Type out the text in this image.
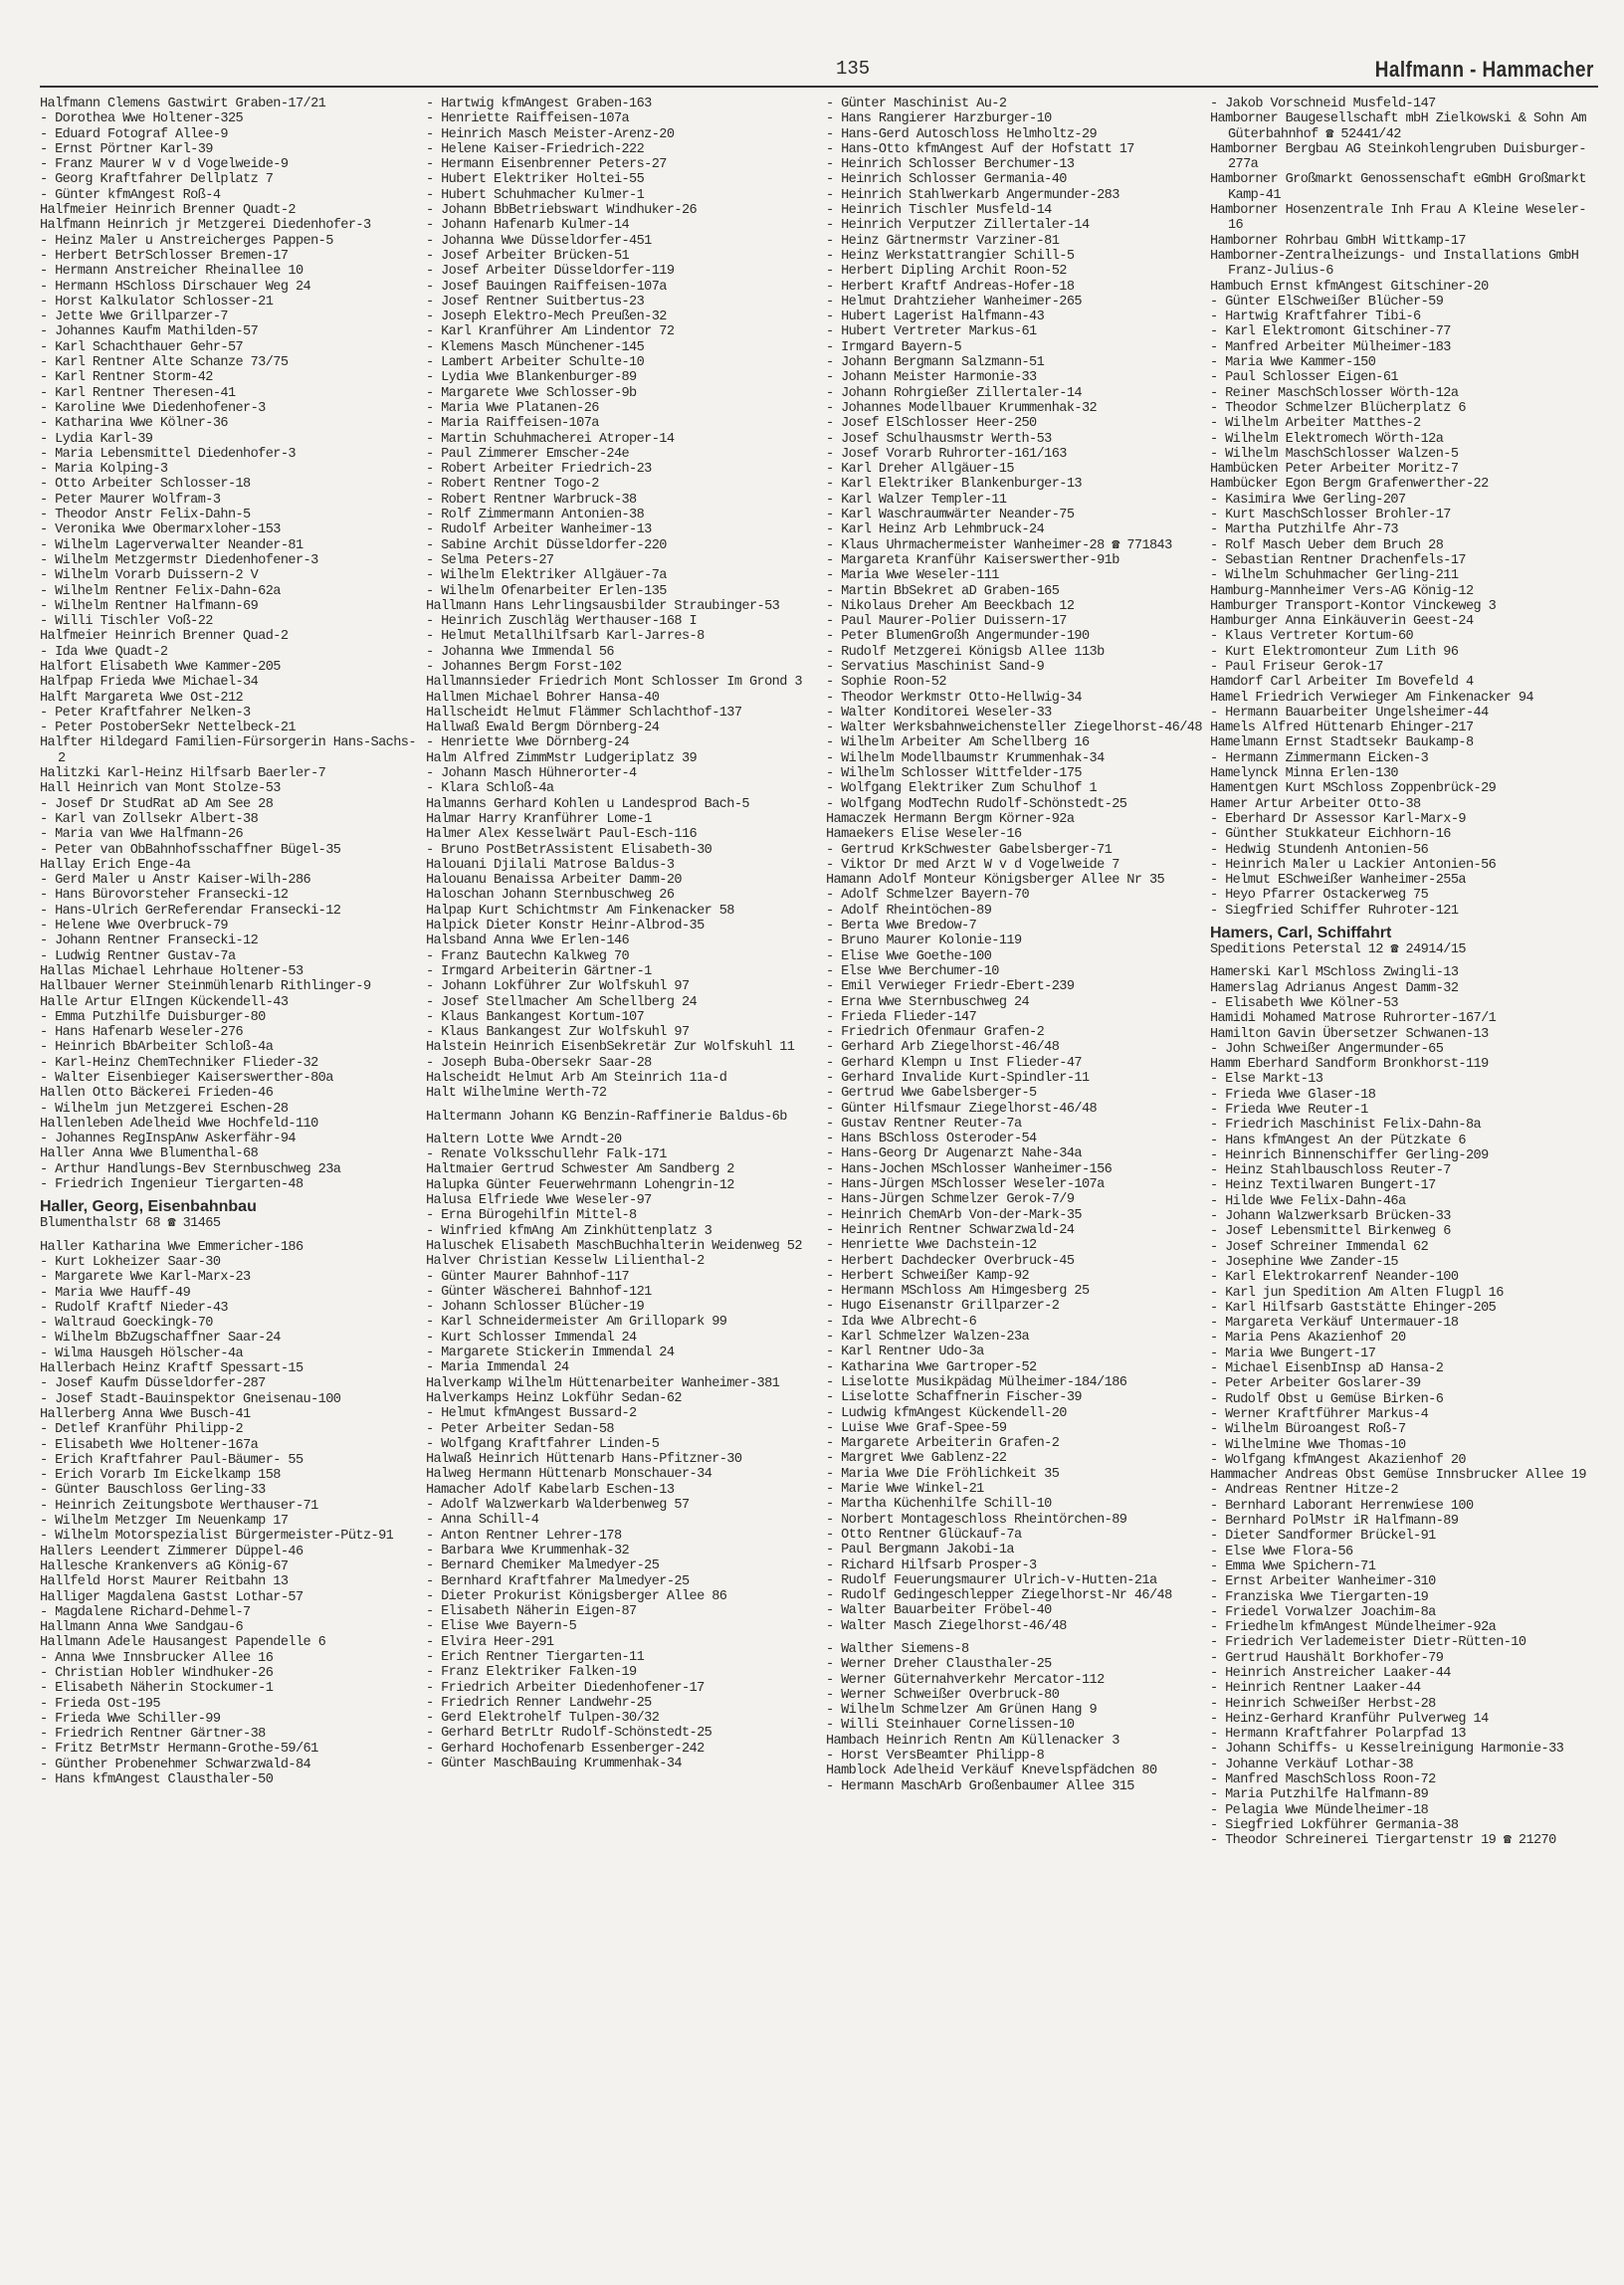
135	Halfmann - Hammacher
Halfmann Clemens Gastwirt Graben-17/21
- Dorothea Wwe Holtener-325
- Eduard Fotograf Allee-9
- Ernst Pörtner Karl-39
- Franz Maurer W v d Vogelweide-9
- Georg Kraftfahrer Dellplatz 7
- Günter kfmAngest Roß-4
Halfmeier Heinrich Brenner Quadt-2
Halfmann Heinrich jr Metzgerei Diedenhofer-3
- Heinz Maler u Anstreicherges Pappen-5
- Herbert BetrSchlosser Bremen-17
- Hermann Anstreicher Rheinallee 10
- Hermann HSchloss Dirschauer Weg 24
- Horst Kalkulator Schlosser-21
- Jette Wwe Grillparzer-7
- Johannes Kaufm Mathilden-57
- Karl Schachthauer Gehr-57
- Karl Rentner Alte Schanze 73/75
- Karl Rentner Storm-42
- Karl Rentner Theresen-41
- Karoline Wwe Diedenhofener-3
- Katharina Wwe Kölner-36
- Lydia Karl-39
- Maria Lebensmittel Diedenhofer-3
- Maria Kolping-3
- Otto Arbeiter Schlosser-18
- Peter Maurer Wolfram-3
- Theodor Anstr Felix-Dahn-5
- Veronika Wwe Obermarxloher-153
- Wilhelm Lagerverwalter Neander-81
- Wilhelm Metzgermstr Diedenhofener-3
- Wilhelm Vorarb Duissern-2 V
- Wilhelm Rentner Felix-Dahn-62a
- Wilhelm Rentner Halfmann-69
- Willi Tischler Voß-22
Halfmeier Heinrich Brenner Quad-2
- Ida Wwe Quadt-2
Halfort Elisabeth Wwe Kammer-205
Halfpap Frieda Wwe Michael-34
Halft Margareta Wwe Ost-212
- Peter Kraftfahrer Nelken-3
- Peter PostoberSekr Nettelbeck-21
Halfter Hildegard Familien-Fürsorgerin Hans-Sachs-2
Halitzki Karl-Heinz Hilfsarb Baerler-7
Hall Heinrich van Mont Stolze-53
- Josef Dr StudRat aD Am See 28
- Karl van Zollsekr Albert-38
- Maria van Wwe Halfmann-26
- Peter van ObBahnhofsschaffner Bügel-35
Hallay Erich Enge-4a
- Gerd Maler u Anstr Kaiser-Wilh-286
- Hans Bürovorsteher Fransecki-12
- Hans-Ulrich GerReferendar Fransecki-12
- Helene Wwe Overbruck-79
- Johann Rentner Fransecki-12
- Ludwig Rentner Gustav-7a
Hallas Michael Lehrhaue Holtener-53
Hallbauer Werner Steinmühlenarb Rithlinger-9
Halle Artur ElIngen Kückendell-43
- Emma Putzhilfe Duisburger-80
- Hans Hafenarb Weseler-276
- Heinrich BbArbeiter Schloß-4a
- Karl-Heinz ChemTechniker Flieder-32
- Walter Eisenbieger Kaiserswerther-80a
Hallen Otto Bäckerei Frieden-46
- Wilhelm jun Metzgerei Eschen-28
Hallenleben Adelheid Wwe Hochfeld-110
- Johannes RegInspAnw Askerfähr-94
Haller Anna Wwe Blumenthal-68
- Arthur Handlungs-Bev Sternbuschweg 23a
- Friedrich Ingenieur Tiergarten-48
Haller, Georg, Eisenbahnbau
Blumenthalstr 68 ☎ 31465
Haller Katharina Wwe Emmericher-186
- Kurt Lokheizer Saar-30
- Margarete Wwe Karl-Marx-23
- Maria Wwe Hauff-49
- Rudolf Kraftf Nieder-43
- Waltraud Goeckingk-70
- Wilhelm BbZugschaffner Saar-24
- Wilma Hausgeh Hölscher-4a
Hallerbach Heinz Kraftf Spessart-15
- Josef Kaufm Düsseldorfer-287
- Josef Stadt-Bauinspektor Gneisenau-100
Hallerberg Anna Wwe Busch-41
- Detlef Kranführ Philipp-2
- Elisabeth Wwe Holtener-167a
- Erich Kraftfahrer Paul-Bäumer- 55
- Erich Vorarb Im Eickelkamp 158
- Günter Bauschloss Gerling-33
- Heinrich Zeitungsbote Werthauser-71
- Wilhelm Metzger Im Neuenkamp 17
- Wilhelm Motorspezialist Bürgermeister-Pütz-91
Hallers Leendert Zimmerer Düppel-46
Hallesche Krankenvers aG König-67
Hallfeld Horst Maurer Reitbahn 13
Halliger Magdalena Gastst Lothar-57
- Magdalene Richard-Dehmel-7
Hallmann Anna Wwe Sandgau-6
Hallmann Adele Hausangest Papendelle 6
- Anna Wwe Innsbrucker Allee 16
- Christian Hobler Windhuker-26
- Elisabeth Näherin Stockumer-1
- Frieda Ost-195
- Frieda Wwe Schiller-99
- Friedrich Rentner Gärtner-38
- Fritz BetrMstr Hermann-Grothe-59/61
- Günther Probenehmer Schwarzwald-84
- Hans kfmAngest Clausthaler-50
- Hartwig kfmAngest Graben-163
- Henriette Raiffeisen-107a
- Heinrich Masch Meister-Arenz-20
- Helene Kaiser-Friedrich-222
- Hermann Eisenbrenner Peters-27
- Hubert Elektriker Holtei-55
- Hubert Schuhmacher Kulmer-1
- Johann BbBetriebswart Windhuker-26
- Johann Hafenarb Kulmer-14
- Johanna Wwe Düsseldorfer-451
- Josef Arbeiter Brücken-51
- Josef Arbeiter Düsseldorfer-119
- Josef Bauingen Raiffeisen-107a
- Josef Rentner Suitbertus-23
- Joseph Elektro-Mech Preußen-32
- Karl Kranführer Am Lindentor 72
- Klemens Masch Münchener-145
- Lambert Arbeiter Schulte-10
- Lydia Wwe Blankenburger-89
- Margarete Wwe Schlosser-9b
- Maria Wwe Platanen-26
- Maria Raiffeisen-107a
- Martin Schuhmacherei Atroper-14
- Paul Zimmerer Emscher-24e
- Robert Arbeiter Friedrich-23
- Robert Rentner Togo-2
- Robert Rentner Warbruck-38
- Rolf Zimmermann Antonien-38
- Rudolf Arbeiter Wanheimer-13
- Sabine Archit Düsseldorfer-220
- Selma Peters-27
- Wilhelm Elektriker Allgäuer-7a
- Wilhelm Ofenarbeiter Erlen-135
Hallmann Hans Lehrlingsausbilder Straubinger-53
- Heinrich Zuschläg Werthauser-168 I
- Helmut Metallhilfsarb Karl-Jarres-8
- Johanna Wwe Immendal 56
- Johannes Bergm Forst-102
Hallmannsieder Friedrich Mont Schlosser Im Grond 3
Hallmen Michael Bohrer Hansa-40
Hallscheidt Helmut Flämmer Schlachthof-137
Hallwaß Ewald Bergm Dörnberg-24
- Henriette Wwe Dörnberg-24
Halm Alfred ZimmMstr Ludgeriplatz 39
- Johann Masch Hühnerorter-4
- Klara Schloß-4a
Halmanns Gerhard Kohlen u Landesprod Bach-5
Halmar Harry Kranführer Lome-1
Halmer Alex Kesselwärt Paul-Esch-116
- Bruno PostBetrAssistent Elisabeth-30
Halouani Djilali Matrose Baldus-3
Halouanu Benaissa Arbeiter Damm-20
Haloschan Johann Sternbuschweg 26
Halpap Kurt Schichtmstr Am Finkenacker 58
Halpick Dieter Konstr Heinr-Albrod-35
Halsband Anna Wwe Erlen-146
- Franz Bautechn Kalkweg 70
- Irmgard Arbeiterin Gärtner-1
- Johann Lokführer Zur Wolfskuhl 97
- Josef Stellmacher Am Schellberg 24
- Klaus Bankangest Kortum-107
- Klaus Bankangest Zur Wolfskuhl 97
Halstein Heinrich EisenbSekretär Zur Wolfskuhl 11
- Joseph Buba-Obersekr Saar-28
Halscheidt Helmut Arb Am Steinrich 11a-d
Halt Wilhelmine Werth-72
Haltermann Johann KG Benzin-Raffinerie Baldus-6b
Haltern Lotte Wwe Arndt-20
- Renate Volksschullehr Falk-171
Haltmaier Gertrud Schwester Am Sandberg 2
Halupka Günter Feuerwehrmann Lohengrin-12
Halusa Elfriede Wwe Weseler-97
- Erna Bürogehilfin Mittel-8
- Winfried kfmAng Am Zinkhüttenplatz 3
Haluschek Elisabeth MaschBuchhalterin Weidenweg 52
Halver Christian Kesselw Lilienthal-2
- Günter Maurer Bahnhof-117
- Günter Wäscherei Bahnhof-121
- Johann Schlosser Blücher-19
- Karl Schneidermeister Am Grillopark 99
- Kurt Schlosser Immendal 24
- Margarete Stickerin Immendal 24
- Maria Immendal 24
Halverkamp Wilhelm Hüttenarbeiter Wanheimer-381
Halverkamps Heinz Lokführ Sedan-62
- Helmut kfmAngest Bussard-2
- Peter Arbeiter Sedan-58
- Wolfgang Kraftfahrer Linden-5
Halwaß Heinrich Hüttenarb Hans-Pfitzner-30
Halweg Hermann Hüttenarb Monschauer-34
Hamacher Adolf Kabelarb Eschen-13
- Adolf Walzwerkarb Walderbenweg 57
- Anna Schill-4
- Anton Rentner Lehrer-178
- Barbara Wwe Krummenhak-32
- Bernard Chemiker Malmedyer-25
- Bernhard Kraftfahrer Malmedyer-25
- Dieter Prokurist Königsberger Allee 86
- Elisabeth Näherin Eigen-87
- Elise Wwe Bayern-5
- Elvira Heer-291
- Erich Rentner Tiergarten-11
- Franz Elektriker Falken-19
- Friedrich Arbeiter Diedenhofener-17
- Friedrich Renner Landwehr-25
- Gerd Elektrohelf Tulpen-30/32
- Gerhard BetrLtr Rudolf-Schönstedt-25
- Gerhard Hochofenarb Essenberger-242
- Günter MaschBauing Krummenhak-34
- Günter Maschinist Au-2
- Hans Rangierer Harzburger-10
- Hans-Gerd Autoschloss Helmholtz-29
- Hans-Otto kfmAngest Auf der Hofstatt 17
- Heinrich Schlosser Berchumer-13
- Heinrich Schlosser Germania-40
- Heinrich Stahlwerkarb Angermunder-283
- Heinrich Tischler Musfeld-14
- Heinrich Verputzer Zillertaler-14
- Heinz Gärtnermstr Varziner-81
- Heinz Werkstattrangier Schill-5
- Herbert Dipling Archit Roon-52
- Herbert Kraftf Andreas-Hofer-18
- Helmut Drahtzieher Wanheimer-265
- Hubert Lagerist Halfmann-43
- Hubert Vertreter Markus-61
- Irmgard Bayern-5
- Johann Bergmann Salzmann-51
- Johann Meister Harmonie-33
- Johann Rohrgießer Zillertaler-14
- Johannes Modellbauer Krummenhak-32
- Josef ElSchlosser Heer-250
- Josef Schulhausmstr Werth-53
- Josef Vorarb Ruhrorter-161/163
- Karl Dreher Allgäuer-15
- Karl Elektriker Blankenburger-13
- Karl Walzer Templer-11
- Karl Waschraumwärter Neander-75
- Karl Heinz Arb Lehmbruck-24
- Klaus Uhrmachermeister Wanheimer-28 ☎ 771843
- Margareta Kranführ Kaiserswerther-91b
- Maria Wwe Weseler-111
- Martin BbSekret aD Graben-165
- Nikolaus Dreher Am Beeckbach 12
- Paul Maurer-Polier Duissern-17
- Peter BlumenGroßh Angermunder-190
- Rudolf Metzgerei Königsb Allee 113b
- Servatius Maschinist Sand-9
- Sophie Roon-52
- Theodor Werkmstr Otto-Hellwig-34
- Walter Konditorei Weseler-33
- Walter Werksbahnweichensteller Ziegelhorst-46/48
- Wilhelm Arbeiter Am Schellberg 16
- Wilhelm Modellbaumstr Krummenhak-34
- Wilhelm Schlosser Wittfelder-175
- Wolfgang Elektriker Zum Schulhof 1
- Wolfgang ModTechn Rudolf-Schönstedt-25
Hamaczek Hermann Bergm Körner-92a
Hamaekers Elise Weseler-16
- Gertrud KrkSchwester Gabelsberger-71
- Viktor Dr med Arzt W v d Vogelweide 7
Hamann Adolf Monteur Königsberger Allee Nr 35
- Adolf Schmelzer Bayern-70
- Adolf Rheintöchen-89
- Berta Wwe Bredow-7
- Bruno Maurer Kolonie-119
- Elise Wwe Goethe-100
- Else Wwe Berchumer-10
- Emil Verwieger Friedr-Ebert-239
- Erna Wwe Sternbuschweg 24
- Frieda Flieder-147
- Friedrich Ofenmaur Grafen-2
- Gerhard Arb Ziegelhorst-46/48
- Gerhard Klempn u Inst Flieder-47
- Gerhard Invalide Kurt-Spindler-11
- Gertrud Wwe Gabelsberger-5
- Günter Hilfsmaur Ziegelhorst-46/48
- Gustav Rentner Reuter-7a
- Hans BSchloss Osteroder-54
- Hans-Georg Dr Augenarzt Nahe-34a
- Hans-Jochen MSchlosser Wanheimer-156
- Hans-Jürgen MSchlosser Weseler-107a
- Hans-Jürgen Schmelzer Gerok-7/9
- Heinrich ChemArb Von-der-Mark-35
- Heinrich Rentner Schwarzwald-24
- Henriette Wwe Dachstein-12
- Herbert Dachdecker Overbruck-45
- Herbert Schweißer Kamp-92
- Hermann MSchloss Am Himgesberg 25
- Hugo Eisenanstr Grillparzer-2
- Ida Wwe Albrecht-6
- Karl Schmelzer Walzen-23a
- Karl Rentner Udo-3a
- Katharina Wwe Gartroper-52
- Liselotte Musikpädag Mülheimer-184/186
- Liselotte Schaffnerin Fischer-39
- Ludwig kfmAngest Kückendell-20
- Luise Wwe Graf-Spee-59
- Margarete Arbeiterin Grafen-2
- Margret Wwe Gablenz-22
- Maria Wwe Die Fröhlichkeit 35
- Marie Wwe Winkel-21
- Martha Küchenhilfe Schill-10
- Norbert Montageschloss Rheintörchen-89
- Otto Rentner Glückauf-7a
- Paul Bergmann Jakobi-1a
- Richard Hilfsarb Prosper-3
- Rudolf Feuerungsmaurer Ulrich-v-Hutten-21a
- Rudolf Gedingeschlepper Ziegelhorst-Nr 46/48
- Walter Bauarbeiter Fröbel-40
- Walter Masch Ziegelhorst-46/48
- Walther Siemens-8
- Werner Dreher Clausthaler-25
- Werner Güternahverkehr Mercator-112
- Werner Schweißer Overbruck-80
- Wilhelm Schmelzer Am Grünen Hang 9
- Willi Steinhauer Cornelissen-10
Hambach Heinrich Rentn Am Küllenacker 3
- Horst VersBeamter Philipp-8
Hamblock Adelheid Verkäuf Knevelspfädchen 80
- Hermann MaschArb Großenbaumer Allee 315
- Jakob Vorschneid Musfeld-147
Hamborner Baugesellschaft mbH Zielkowski & Sohn Am Güterbahnhof ☎ 52441/42
Hamborner Bergbau AG Steinkohlengruben Duisburger-277a
Hamborner Großmarkt Genossenschaft eGmbH Großmarkt Kamp-41
Hamborner Hosenzentrale Inh Frau A Kleine Weseler-16
Hamborner Rohrbau GmbH Wittkamp-17
Hamborner-Zentralheizungs- und Installations GmbH Franz-Julius-6
Hambuch Ernst kfmAngest Gitschiner-20
- Günter ElSchweißer Blücher-59
- Hartwig Kraftfahrer Tibi-6
- Karl Elektromont Gitschiner-77
- Manfred Arbeiter Mülheimer-183
- Maria Wwe Kammer-150
- Paul Schlosser Eigen-61
- Reiner MaschSchlosser Wörth-12a
- Theodor Schmelzer Blücherplatz 6
- Wilhelm Arbeiter Matthes-2
- Wilhelm Elektromech Wörth-12a
- Wilhelm MaschSchlosser Walzen-5
Hambücken Peter Arbeiter Moritz-7
Hambücker Egon Bergm Grafenwerther-22
- Kasimira Wwe Gerling-207
- Kurt MaschSchlosser Brohler-17
- Martha Putzhilfe Ahr-73
- Rolf Masch Ueber dem Bruch 28
- Sebastian Rentner Drachenfels-17
- Wilhelm Schuhmacher Gerling-211
Hamburg-Mannheimer Vers-AG König-12
Hamburger Transport-Kontor Vinckeweg 3
Hamburger Anna Einkäuverin Geest-24
- Klaus Vertreter Kortum-60
- Kurt Elektromonteur Zum Lith 96
- Paul Friseur Gerok-17
Hamdorf Carl Arbeiter Im Bovefeld 4
Hamel Friedrich Verwieger Am Finkenacker 94
- Hermann Bauarbeiter Ungelsheimer-44
Hamels Alfred Hüttenarb Ehinger-217
Hamelmann Ernst Stadtsekr Baukamp-8
- Hermann Zimmermann Eicken-3
Hamelynck Minna Erlen-130
Hamentgen Kurt MSchloss Zoppenbrück-29
Hamer Artur Arbeiter Otto-38
- Eberhard Dr Assessor Karl-Marx-9
- Günther Stukkateur Eichhorn-16
- Hedwig Stundenh Antonien-56
- Heinrich Maler u Lackier Antonien-56
- Helmut ESchweißer Wanheimer-255a
- Heyo Pfarrer Ostackerweg 75
- Siegfried Schiffer Ruhroter-121
Hamers, Carl, Schiffahrt
Speditions Peterstal 12 ☎ 24914/15
Hamerski Karl MSchloss Zwingli-13
Hamerslag Adrianus Angest Damm-32
- Elisabeth Wwe Kölner-53
Hamidi Mohamed Matrose Ruhrorter-167/1
Hamilton Gavin Übersetzer Schwanen-13
- John Schweißer Angermunder-65
Hamm Eberhard Sandform Bronkhorst-119
- Else Markt-13
- Frieda Wwe Glaser-18
- Frieda Wwe Reuter-1
- Friedrich Maschinist Felix-Dahn-8a
- Hans kfmAngest An der Pützkate 6
- Heinrich Binnenschiffer Gerling-209
- Heinz Stahlbauschloss Reuter-7
- Heinz Textilwaren Bungert-17
- Hilde Wwe Felix-Dahn-46a
- Johann Walzwerksarb Brücken-33
- Josef Lebensmittel Birkenweg 6
- Josef Schreiner Immendal 62
- Josephine Wwe Zander-15
- Karl Elektrokarrenf Neander-100
- Karl jun Spedition Am Alten Flugpl 16
- Karl Hilfsarb Gaststätte Ehinger-205
- Margareta Verkäuf Untermauer-18
- Maria Pens Akazienhof 20
- Maria Wwe Bungert-17
- Michael EisenbInsp aD Hansa-2
- Peter Arbeiter Goslarer-39
- Rudolf Obst u Gemüse Birken-6
- Werner Kraftführer Markus-4
- Wilhelm Büroangest Roß-7
- Wilhelmine Wwe Thomas-10
- Wolfgang kfmAngest Akazienhof 20
Hammacher Andreas Obst Gemüse Innsbrucker Allee 19
- Andreas Rentner Hitze-2
- Bernhard Laborant Herrenwiese 100
- Bernhard PolMstr iR Halfmann-89
- Dieter Sandformer Brückel-91
- Else Wwe Flora-56
- Emma Wwe Spichern-71
- Ernst Arbeiter Wanheimer-310
- Franziska Wwe Tiergarten-19
- Friedel Vorwalzer Joachim-8a
- Friedhelm kfmAngest Mündelheimer-92a
- Friedrich Verlademeister Dietr-Rütten-10
- Gertrud Haushält Borkhofer-79
- Heinrich Anstreicher Laaker-44
- Heinrich Rentner Laaker-44
- Heinrich Schweißer Herbst-28
- Heinz-Gerhard Kranführ Pulverweg 14
- Hermann Kraftfahrer Polarpfad 13
- Johann Schiffs- u Kesselreinigung Harmonie-33
- Johanne Verkäuf Lothar-38
- Manfred MaschSchloss Roon-72
- Maria Putzhilfe Halfmann-89
- Pelagia Wwe Mündelheimer-18
- Siegfried Lokführer Germania-38
- Theodor Schreinerei Tiergartenstr 19 ☎ 21270
